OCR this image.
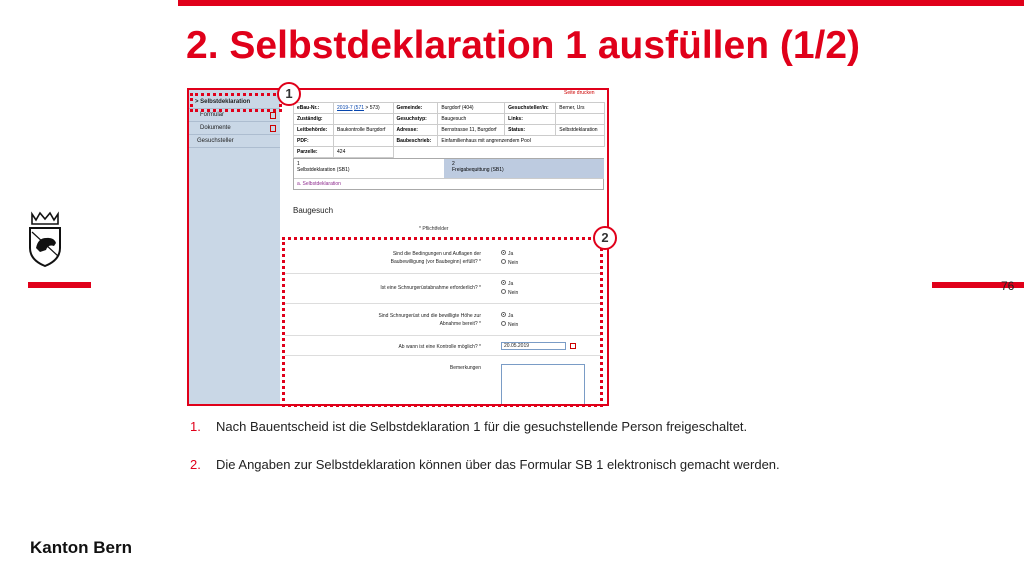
2. Selbstdeklaration 1 ausfüllen (1/2)
76
Kanton Bern
> Selbstdeklaration
Formular
Dokumente
Gesuchsteller
Seite drucken
eBau-Nr.:	2019-7 (571 > 573)	Gemeinde:	Burgdorf (404)	Gesuchsteller/in:	Berner, Urs
Zuständig:		Gesuchstyp:	Baugesuch	Links:	
Leitbehörde:	Baukontrolle Burgdorf	Adresse:	Bernstrasse 11, Burgdorf	Status:	Selbstdeklaration
PDF:		Baubeschrieb:	Einfamilienhaus mit angrenzendem Pool		
Parzelle:	424				
1
Selbstdeklaration (SB1)
2
Freigabequittung (SB1)
a. Selbstdeklaration
Baugesuch
* Pflichtfelder
Sind die Bedingungen und Auflagen der
Baubewilligung (vor Baubeginn) erfüllt? *
Ja
Nein
Ist eine Schnurgerüstabnahme erforderlich? *
Ja
Nein
Sind Schnurgerüst und die bewilligte Höhe zur
Abnahme bereit? *
Ja
Nein
Ab wann ist eine Kontrolle möglich? *	20.05.2019
Bemerkungen
1
2
1. Nach Bauentscheid ist die Selbstdeklaration 1 für die gesuchstellende Person freigeschaltet.
2. Die Angaben zur Selbstdeklaration können über das Formular SB 1 elektronisch gemacht werden.
